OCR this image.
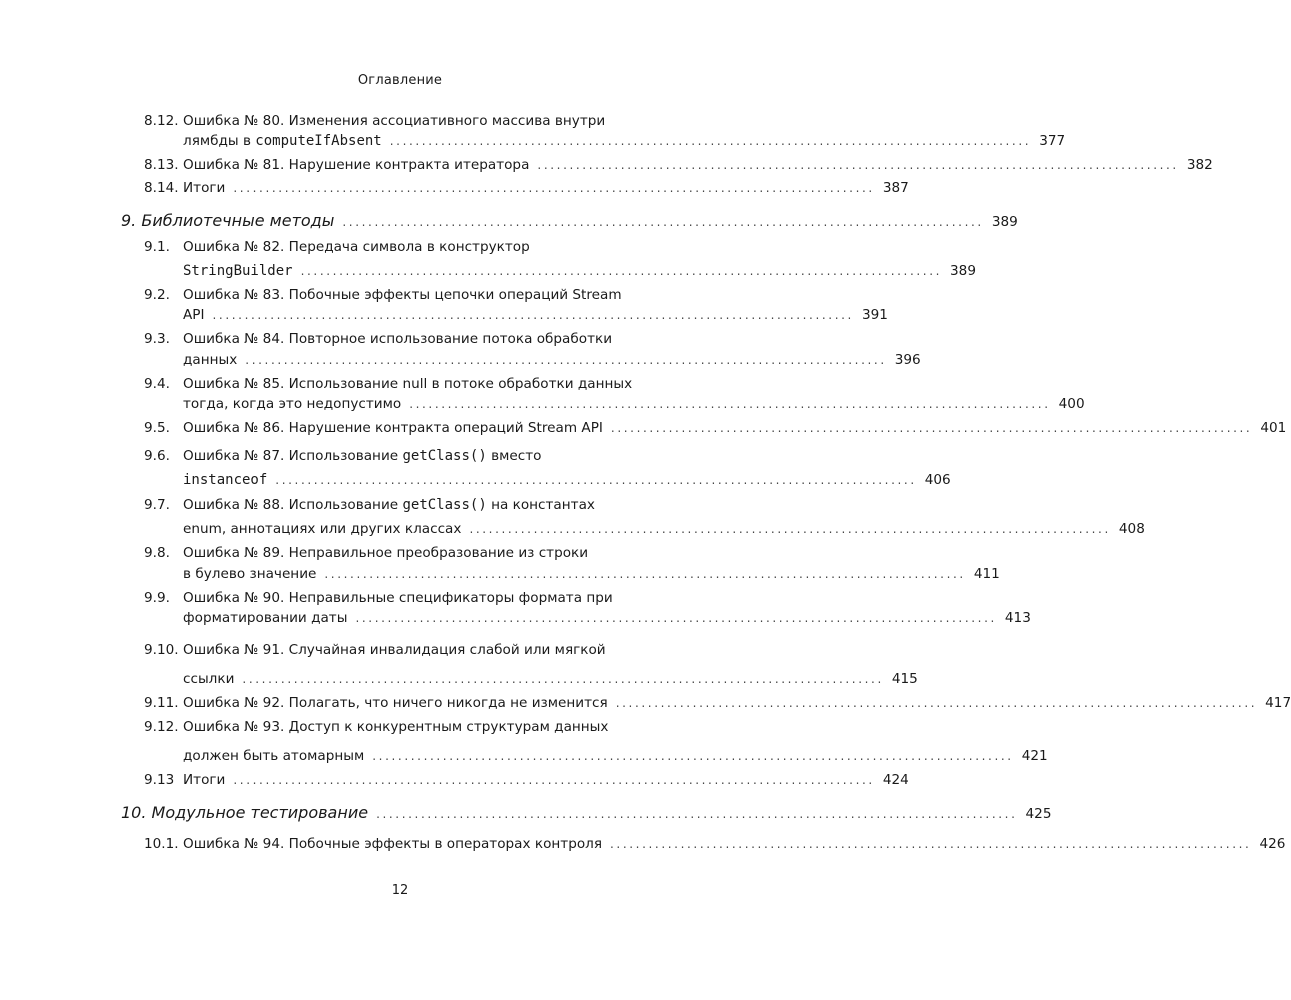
Оглавление
8.12. Ошибка № 80. Изменения ассоциативного массива внутри
лямбды в computeIfAbsent .................................................................................................... 377
8.13. Ошибка № 81. Нарушение контракта итератора .................................................................................................... 382
8.14. Итоги .................................................................................................... 387
9. Библиотечные методы .................................................................................................... 389
9.1. Ошибка № 82. Передача символа в конструктор
StringBuilder .................................................................................................... 389
9.2. Ошибка № 83. Побочные эффекты цепочки операций Stream
API .................................................................................................... 391
9.3. Ошибка № 84. Повторное использование потока обработки
данных .................................................................................................... 396
9.4. Ошибка № 85. Использование null в потоке обработки данных
тогда, когда это недопустимо .................................................................................................... 400
9.5. Ошибка № 86. Нарушение контракта операций Stream API .................................................................................................... 401
9.6. Ошибка № 87. Использование getClass() вместо
instanceof .................................................................................................... 406
9.7. Ошибка № 88. Использование getClass() на константах
enum, аннотациях или других классах .................................................................................................... 408
9.8. Ошибка № 89. Неправильное преобразование из строки
в булево значение .................................................................................................... 411
9.9. Ошибка № 90. Неправильные спецификаторы формата при
форматировании даты .................................................................................................... 413
9.10. Ошибка № 91. Случайная инвалидация слабой или мягкой
ссылки .................................................................................................... 415
9.11. Ошибка № 92. Полагать, что ничего никогда не изменится .................................................................................................... 417
9.12. Ошибка № 93. Доступ к конкурентным структурам данных
должен быть атомарным .................................................................................................... 421
9.13 Итоги .................................................................................................... 424
10. Модульное тестирование .................................................................................................... 425
10.1. Ошибка № 94. Побочные эффекты в операторах контроля .................................................................................................... 426
12
